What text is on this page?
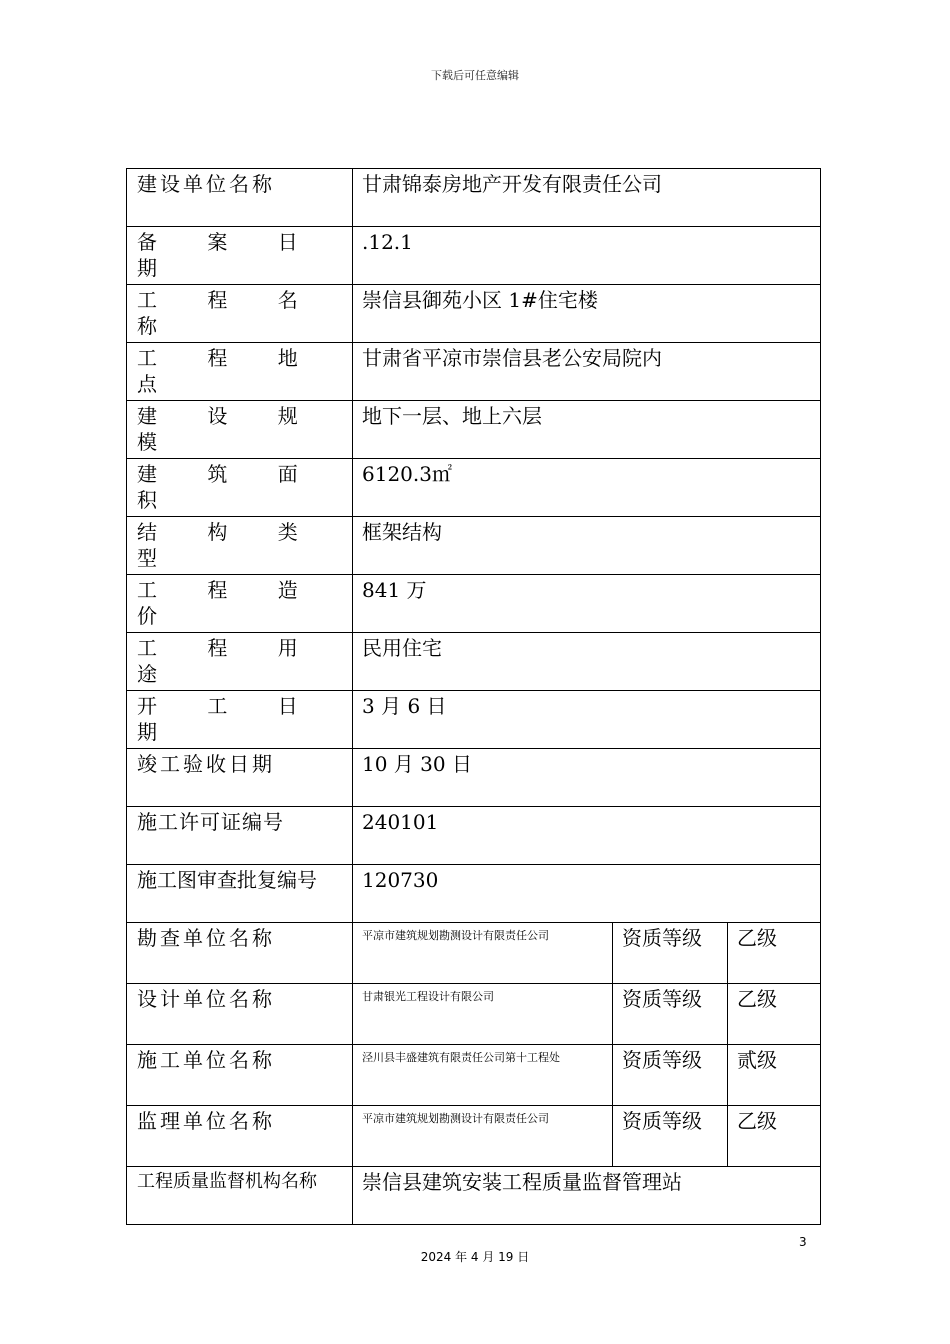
下载后可任意编辑
建设单位名称	甘肃锦泰房地产开发有限责任公司		
备 案 日 期	.12.1		
工 程 名 称	崇信县御苑小区 1#住宅楼		
工 程 地 点	甘肃省平凉市崇信县老公安局院内		
建 设 规 模	地下一层、地上六层		
建 筑 面 积	6120.3㎡		
结 构 类 型	框架结构		
工 程 造 价	841 万		
工 程 用 途	民用住宅		
开 工 日 期	3 月 6 日		
竣工验收日期	10 月 30 日		
施工许可证编号	240101		
施工图审查批复编号	120730		
勘查单位名称	平凉市建筑规划勘测设计有限责任公司	资质等级	乙级
设计单位名称	甘肃银光工程设计有限公司	资质等级	乙级
施工单位名称	泾川县丰盛建筑有限责任公司第十工程处	资质等级	贰级
监理单位名称	平凉市建筑规划勘测设计有限责任公司	资质等级	乙级
工程质量监督机构名称	崇信县建筑安装工程质量监督管理站		
3
2024 年 4 月 19 日
